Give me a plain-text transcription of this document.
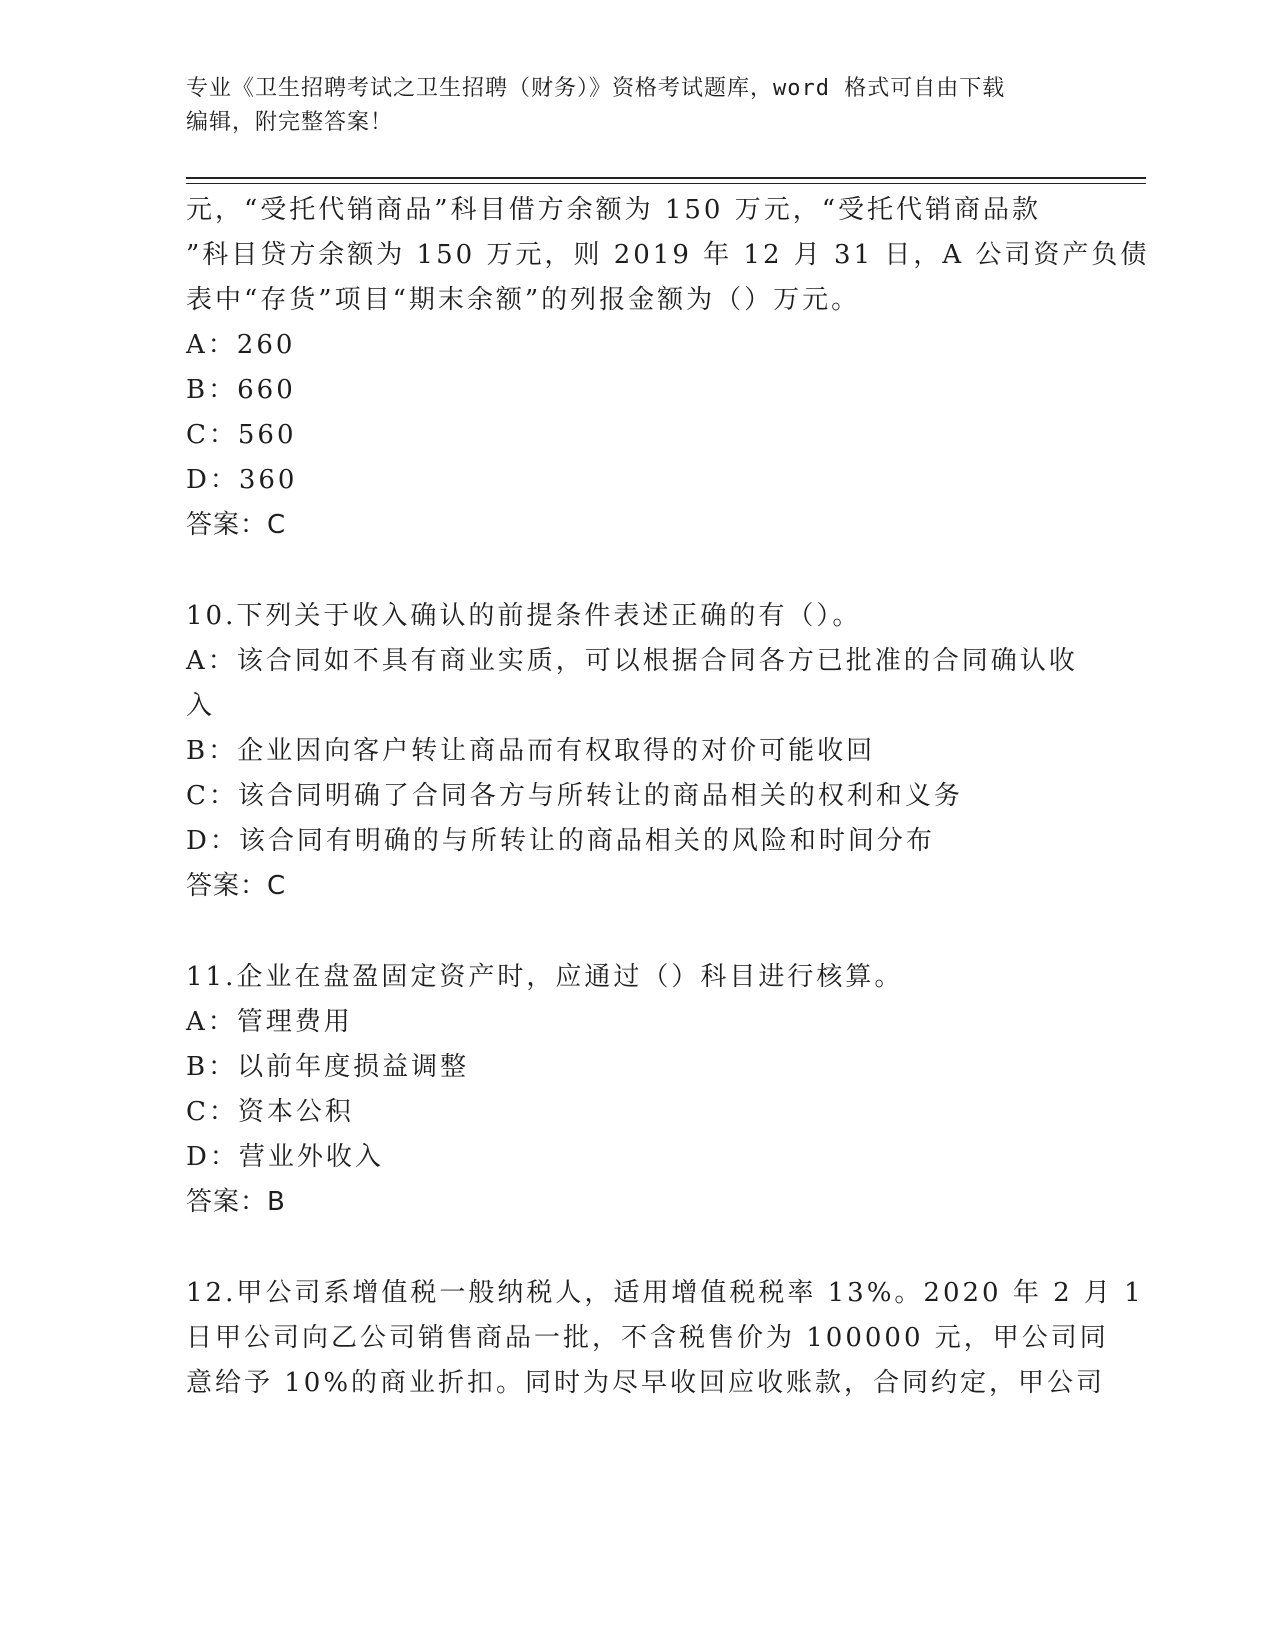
专业《卫生招聘考试之卫生招聘（财务）》资格考试题库，word 格式可自由下载
编辑，附完整答案！
元，“受托代销商品”科目借方余额为 150 万元，“受托代销商品款
”科目贷方余额为 150 万元，则 2019 年 12 月 31 日，A 公司资产负债
表中“存货”项目“期末余额”的列报金额为（）万元。
A：260
B：660
C：560
D：360
答案：C
10.下列关于收入确认的前提条件表述正确的有（）。
A：该合同如不具有商业实质，可以根据合同各方已批准的合同确认收
入
B：企业因向客户转让商品而有权取得的对价可能收回
C：该合同明确了合同各方与所转让的商品相关的权利和义务
D：该合同有明确的与所转让的商品相关的风险和时间分布
答案：C
11.企业在盘盈固定资产时，应通过（）科目进行核算。
A：管理费用
B：以前年度损益调整
C：资本公积
D：营业外收入
答案：B
12.甲公司系增值税一般纳税人，适用增值税税率 13%。2020 年 2 月 1
日甲公司向乙公司销售商品一批，不含税售价为 100000 元，甲公司同
意给予 10%的商业折扣。同时为尽早收回应收账款，合同约定，甲公司
